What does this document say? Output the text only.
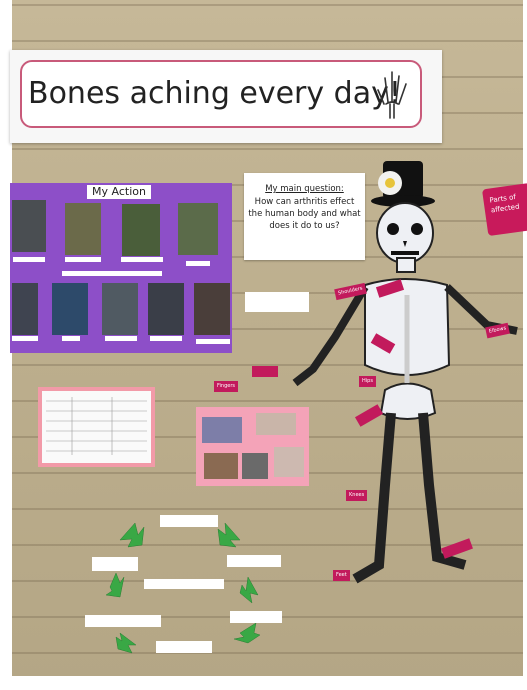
Bones aching every day!
My Action	My main question:
How can arthritis effect the human body and what does it do to us?
Shoulders
Elbows
Fingers
Hips
Knees
Feet
Parts of affected
